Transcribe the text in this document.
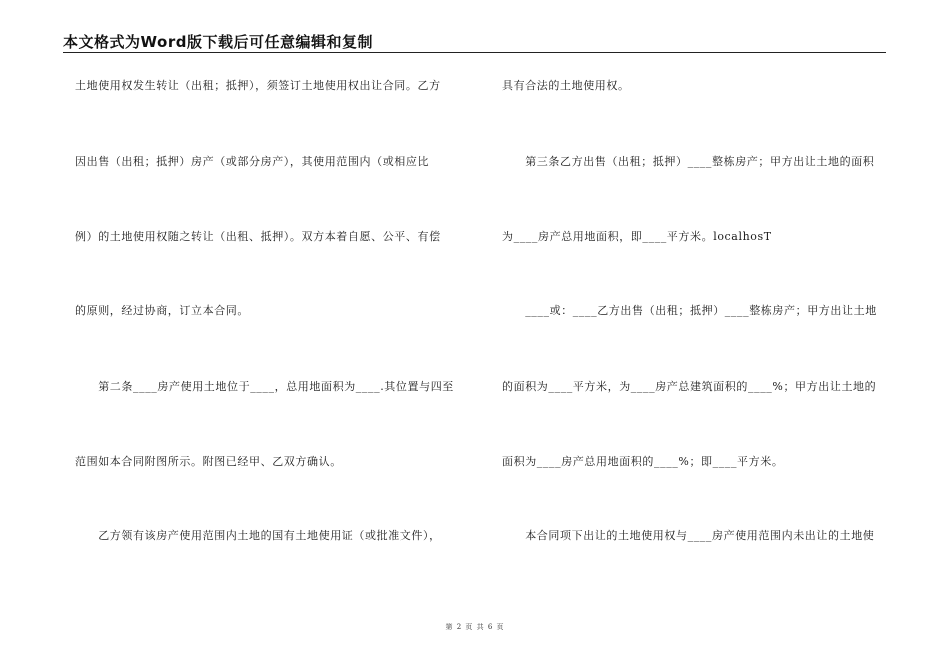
本文格式为Word版下载后可任意编辑和复制
土地使用权发生转让（出租；抵押），须签订土地使用权出让合同。乙方
因出售（出租；抵押）房产（或部分房产），其使用范围内（或相应比
例）的土地使用权随之转让（出租、抵押）。双方本着自愿、公平、有偿
的原则，经过协商，订立本合同。
　　第二条____房产使用土地位于____，总用地面积为____.其位置与四至
范围如本合同附图所示。附图已经甲、乙双方确认。
　　乙方领有该房产使用范围内土地的国有土地使用证（或批准文件），
具有合法的土地使用权。
　　第三条乙方出售（出租；抵押）____整栋房产；甲方出让土地的面积
为____房产总用地面积，即____平方米。localhosT
　　____或：____乙方出售（出租；抵押）____整栋房产；甲方出让土地
的面积为____平方米，为____房产总建筑面积的____%；甲方出让土地的
面积为____房产总用地面积的____%；即____平方米。
　　本合同项下出让的土地使用权与____房产使用范围内未出让的土地使
第 2 页 共 6 页
